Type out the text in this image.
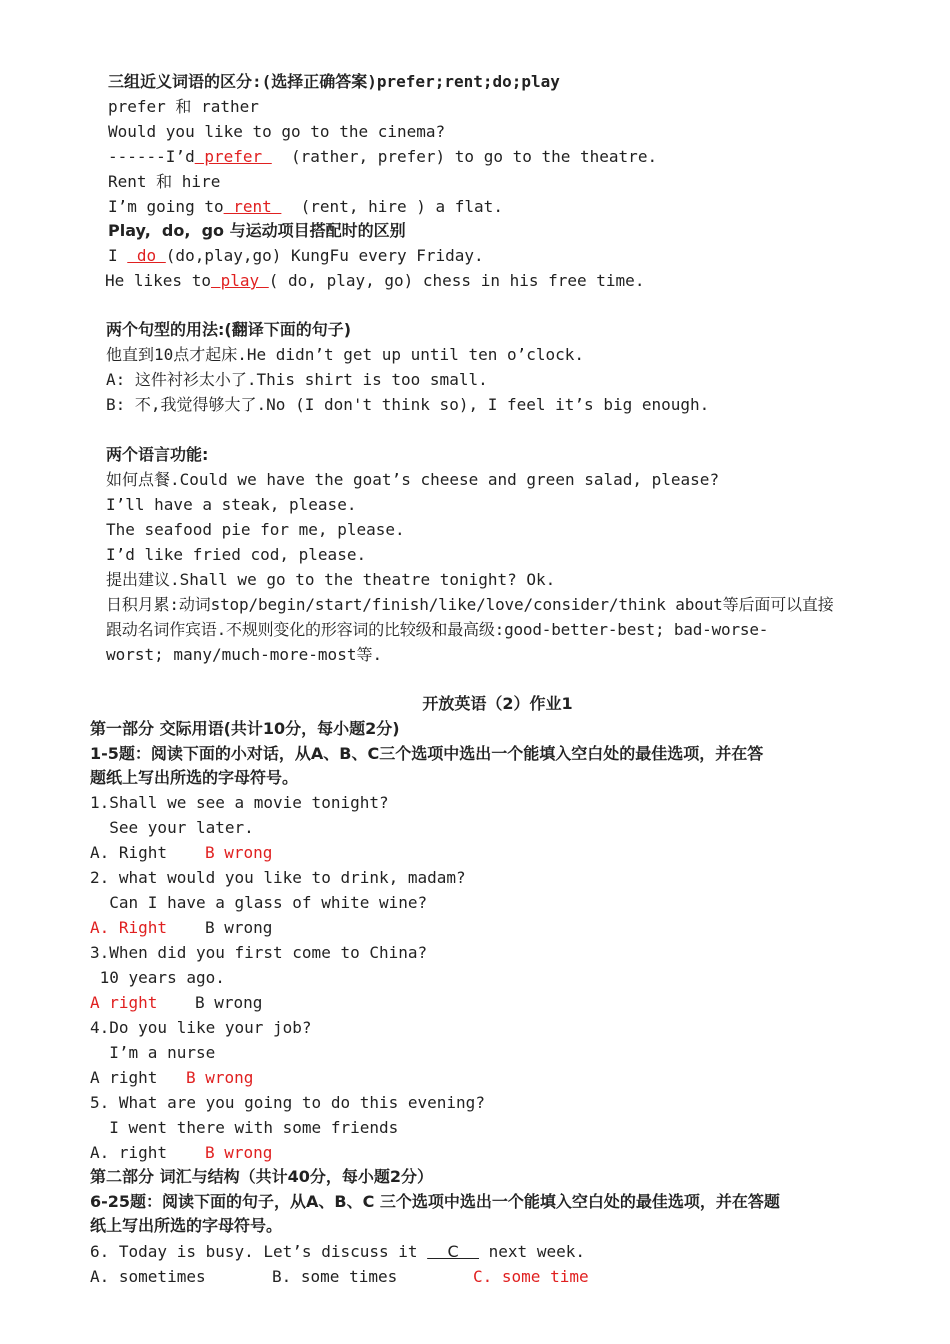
三组近义词语的区分:(选择正确答案)prefer;rent;do;play
prefer 和 rather
Would you like to go to the cinema?
------I’d prefer   (rather, prefer) to go to the theatre.
Rent 和 hire
I’m going to rent   (rent, hire ) a flat.
Play,  do,  go 与运动项目搭配时的区别
I  do (do,play,go) KungFu every Friday.
He likes to play ( do, play, go) chess in his free time.
两个句型的用法:(翻译下面的句子)
他直到10点才起床.He didn’t get up until ten o’clock.
A: 这件衬衫太小了.This shirt is too small.
B: 不,我觉得够大了.No (I don't think so), I feel it’s big enough.
两个语言功能:
如何点餐.Could we have the goat’s cheese and green salad, please?
I’ll have a steak, please.
The seafood pie for me, please.
I’d like fried cod, please.
提出建议.Shall we go to the theatre tonight? Ok.
日积月累:动词stop/begin/start/finish/like/love/consider/think about等后面可以直接
跟动名词作宾语.不规则变化的形容词的比较级和最高级:good-better-best; bad-worse-
worst; many/much-more-most等.
开放英语（2）作业1
第一部分 交际用语(共计10分，每小题2分)
1-5题：阅读下面的小对话，从A、B、C三个选项中选出一个能填入空白处的最佳选项，并在答
题纸上写出所选的字母符号。
1.Shall we see a movie tonight?
See your later.
A. Right B wrong
2. what would you like to drink, madam?
Can I have a glass of white wine?
A. Right B wrong
3.When did you first come to China?
10 years ago.
A right B wrong
4.Do you like your job?
I’m a nurse
A right B wrong
5. What are you going to do this evening?
I went there with some friends
A. right B wrong
第二部分 词汇与结构（共计40分，每小题2分）
6-25题：阅读下面的句子，从A、B、C 三个选项中选出一个能填入空白处的最佳选项，并在答题
纸上写出所选的字母符号。
6. Today is busy. Let’s discuss it     C     next week.
A. sometimes	B. some times	C. some time
